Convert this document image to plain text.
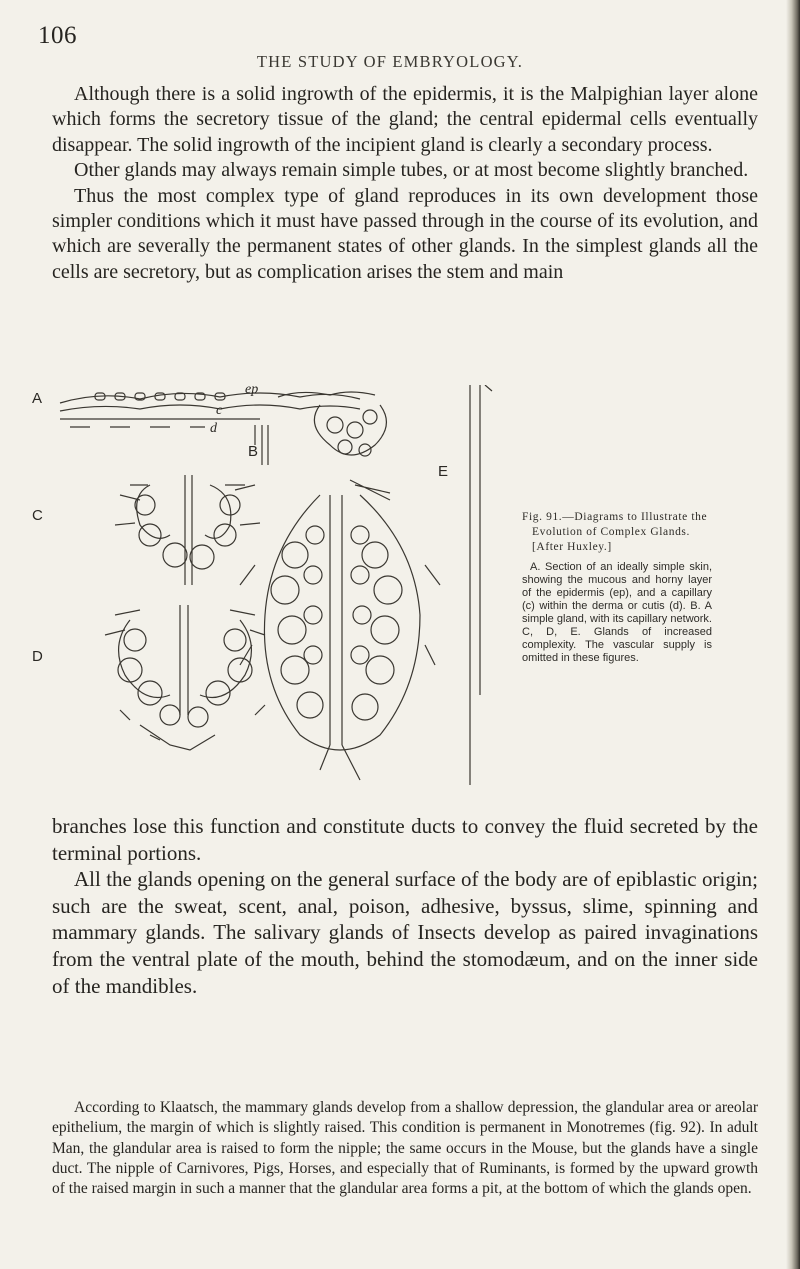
106
THE STUDY OF EMBRYOLOGY.

Although there is a solid ingrowth of the epidermis, it is the Malpighian layer alone which forms the secretory tissue of the gland; the central epidermal cells eventually disappear. The solid ingrowth of the incipient gland is clearly a secondary process.

Other glands may always remain simple tubes, or at most become slightly branched.

Thus the most complex type of gland reproduces in its own development those simpler conditions which it must have passed through in the course of its evolution, and which are severally the permanent states of other glands. In the simplest glands all the cells are secretory, but as complication arises the stem and main

A
ep
c
d
B
E
C
D

Fig. 91.—Diagrams to Illustrate the Evolution of Complex Glands. [After Huxley.]

A. Section of an ideally simple skin, showing the mucous and horny layer of the epidermis (ep), and a capillary (c) within the derma or cutis (d). B. A simple gland, with its capillary network. C, D, E. Glands of increased complexity. The vascular supply is omitted in these figures.

branches lose this function and constitute ducts to convey the fluid secreted by the terminal portions.

All the glands opening on the general surface of the body are of epiblastic origin; such are the sweat, scent, anal, poison, adhesive, byssus, slime, spinning and mammary glands. The salivary glands of Insects develop as paired invaginations from the ventral plate of the mouth, behind the stomodæum, and on the inner side of the mandibles.

According to Klaatsch, the mammary glands develop from a shallow depression, the glandular area or areolar epithelium, the margin of which is slightly raised. This condition is permanent in Monotremes (fig. 92). In adult Man, the glandular area is raised to form the nipple; the same occurs in the Mouse, but the glands have a single duct. The nipple of Carnivores, Pigs, Horses, and especially that of Ruminants, is formed by the upward growth of the raised margin in such a manner that the glandular area forms a pit, at the bottom of which the glands open.
